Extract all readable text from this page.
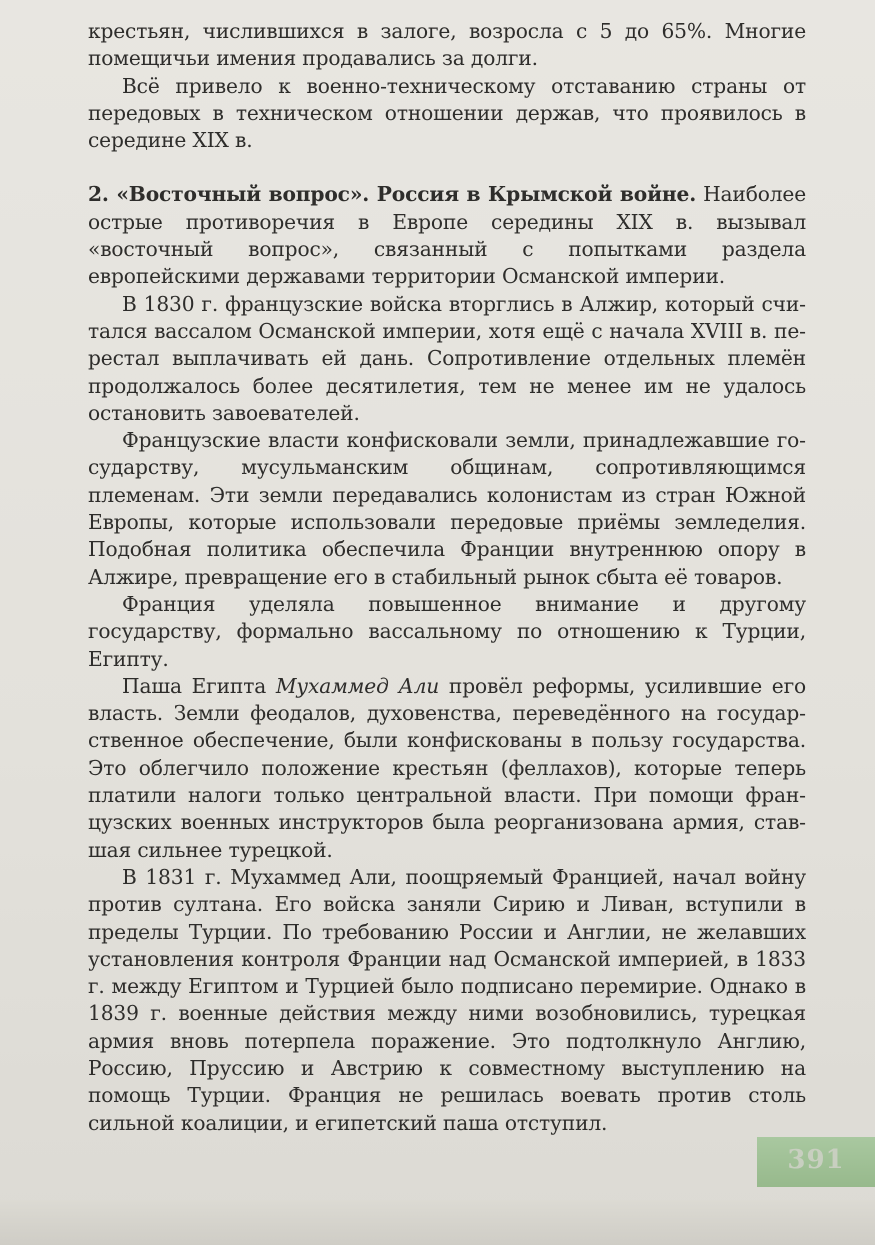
крестьян, числившихся в залоге, возросла с 5 до 65%. Многие помещичьи имения продавались за долги.

Всё привело к военно-техническому отставанию страны от передовых в техническом отношении держав, что проявилось в середине XIX в.

2. «Восточный вопрос». Россия в Крымской войне. Наиболее острые противоречия в Европе середины XIX в. вызывал «восточный вопрос», связанный с попытками раздела европейскими державами территории Османской империи.

В 1830 г. французские войска вторглись в Алжир, который считался вассалом Османской империи, хотя ещё с начала XVIII в. перестал выплачивать ей дань. Сопротивление отдельных племён продолжалось более десятилетия, тем не менее им не удалось остановить завоевателей.

Французские власти конфисковали земли, принадлежавшие государству, мусульманским общинам, сопротивляющимся племенам. Эти земли передавались колонистам из стран Южной Европы, которые использовали передовые приёмы земледелия. Подобная политика обеспечила Франции внутреннюю опору в Алжире, превращение его в стабильный рынок сбыта её товаров.

Франция уделяла повышенное внимание и другому государству, формально вассальному по отношению к Турции, Египту.

Паша Египта Мухаммед Али провёл реформы, усилившие его власть. Земли феодалов, духовенства, переведённого на государственное обеспечение, были конфискованы в пользу государства. Это облегчило положение крестьян (феллахов), которые теперь платили налоги только центральной власти. При помощи французских военных инструкторов была реорганизована армия, ставшая сильнее турецкой.

В 1831 г. Мухаммед Али, поощряемый Францией, начал войну против султана. Его войска заняли Сирию и Ливан, вступили в пределы Турции. По требованию России и Англии, не желавших установления контроля Франции над Османской империей, в 1833 г. между Египтом и Турцией было подписано перемирие. Однако в 1839 г. военные действия между ними возобновились, турецкая армия вновь потерпела поражение. Это подтолкнуло Англию, Россию, Пруссию и Австрию к совместному выступлению на помощь Турции. Франция не решилась воевать против столь сильной коалиции, и египетский паша отступил.

391
